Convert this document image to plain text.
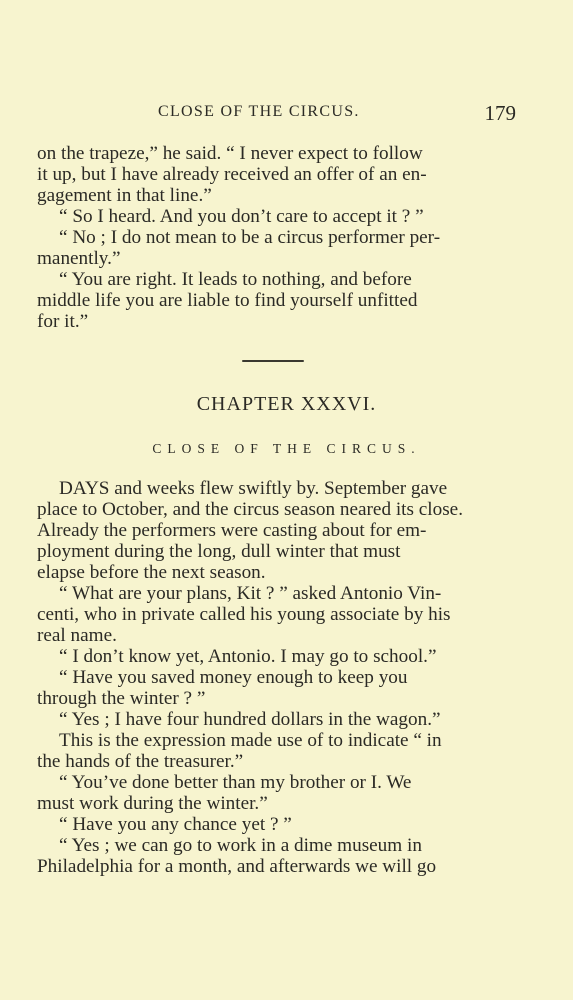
CLOSE OF THE CIRCUS.	179
on the trapeze,” he said. “ I never expect to follow
it up, but I have already received an offer of an en-
gagement in that line.”
“ So I heard. And you don’t care to accept it ? ”
“ No ; I do not mean to be a circus performer per-
manently.”
“ You are right. It leads to nothing, and before
middle life you are liable to find yourself unfitted
for it.”
CHAPTER XXXVI.
CLOSE OF THE CIRCUS.
DAYS and weeks flew swiftly by. September gave
place to October, and the circus season neared its close.
Already the performers were casting about for em-
ployment during the long, dull winter that must
elapse before the next season.
“ What are your plans, Kit ? ” asked Antonio Vin-
centi, who in private called his young associate by his
real name.
“ I don’t know yet, Antonio. I may go to school.”
“ Have you saved money enough to keep you
through the winter ? ”
“ Yes ; I have four hundred dollars in the wagon.”
This is the expression made use of to indicate “ in
the hands of the treasurer.”
“ You’ve done better than my brother or I. We
must work during the winter.”
“ Have you any chance yet ? ”
“ Yes ; we can go to work in a dime museum in
Philadelphia for a month, and afterwards we will go
